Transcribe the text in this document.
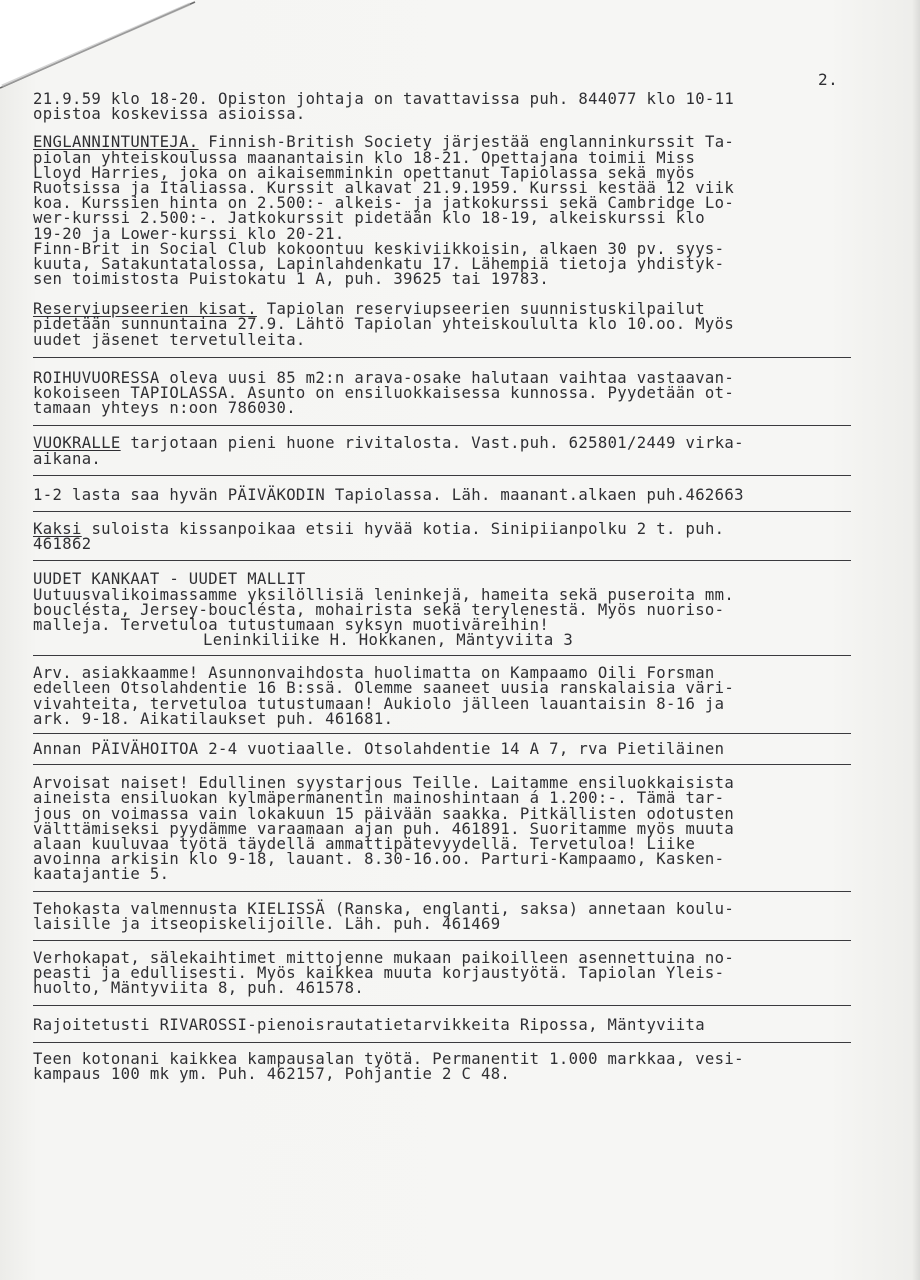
2.
21.9.59 klo 18-20. Opiston johtaja on tavattavissa puh. 844077 klo 10-11
opistoa koskevissa asioissa.
ENGLANNINTUNTEJA. Finnish-British Society järjestää englanninkurssit Ta-
piolan yhteiskoulussa maanantaisin klo 18-21. Opettajana toimii Miss
Lloyd Harries, joka on aikaisemminkin opettanut Tapiolassa sekä myös
Ruotsissa ja Italiassa. Kurssit alkavat 21.9.1959. Kurssi kestää 12 viik
koa. Kurssien hinta on 2.500:- alkeis- ja jatkokurssi sekä Cambridge Lo-
wer-kurssi 2.500:-. Jatkokurssit pidetään klo 18-19, alkeiskurssi klo
19-20 ja Lower-kurssi klo 20-21.
Finn-Brit in Social Club kokoontuu keskiviikkoisin, alkaen 30 pv. syys-
kuuta, Satakuntatalossa, Lapinlahdenkatu 17. Lähempiä tietoja yhdistyk-
sen toimistosta Puistokatu 1 A, puh. 39625 tai 19783.
Reserviupseerien kisat. Tapiolan reserviupseerien suunnistuskilpailut
pidetään sunnuntaina 27.9. Lähtö Tapiolan yhteiskoululta klo 10.oo. Myös
uudet jäsenet tervetulleita.
ROIHUVUORESSA oleva uusi 85 m2:n arava-osake halutaan vaihtaa vastaavan-
kokoiseen TAPIOLASSA. Asunto on ensiluokkaisessa kunnossa. Pyydetään ot-
tamaan yhteys n:oon 786030.
VUOKRALLE tarjotaan pieni huone rivitalosta. Vast.puh. 625801/2449 virka-
aikana.
1-2 lasta saa hyvän PÄIVÄKODIN Tapiolassa. Läh. maanant.alkaen puh.462663
Kaksi suloista kissanpoikaa etsii hyvää kotia. Sinipiianpolku 2 t. puh.
461862
UUDET KANKAAT - UUDET MALLIT
Uutuusvalikoimassamme yksilöllisiä leninkejä, hameita sekä puseroita mm.
bouclésta, Jersey-bouclésta, mohairista sekä terylenestä. Myös nuoriso-
malleja. Tervetuloa tutustumaan syksyn muotiväreihin!
Leninkiliike H. Hokkanen, Mäntyviita 3
Arv. asiakkaamme! Asunnonvaihdosta huolimatta on Kampaamo Oili Forsman
edelleen Otsolahdentie 16 B:ssä. Olemme saaneet uusia ranskalaisia väri-
vivahteita, tervetuloa tutustumaan! Aukiolo jälleen lauantaisin 8-16 ja
ark. 9-18. Aikatilaukset puh. 461681.
Annan PÄIVÄHOITOA 2-4 vuotiaalle. Otsolahdentie 14 A 7, rva Pietiläinen
Arvoisat naiset! Edullinen syystarjous Teille. Laitamme ensiluokkaisista
aineista ensiluokan kylmäpermanentin mainoshintaan á 1.200:-. Tämä tar-
jous on voimassa vain lokakuun 15 päivään saakka. Pitkällisten odotusten
välttämiseksi pyydämme varaamaan ajan puh. 461891. Suoritamme myös muuta
alaan kuuluvaa työtä täydellä ammattipätevyydellä. Tervetuloa! Liike
avoinna arkisin klo 9-18, lauant. 8.30-16.oo. Parturi-Kampaamo, Kasken-
kaatajantie 5.
Tehokasta valmennusta KIELISSÄ (Ranska, englanti, saksa) annetaan koulu-
laisille ja itseopiskelijoille. Läh. puh. 461469
Verhokapat, sälekaihtimet mittojenne mukaan paikoilleen asennettuina no-
peasti ja edullisesti. Myös kaikkea muuta korjaustyötä. Tapiolan Yleis-
huolto, Mäntyviita 8, puh. 461578.
Rajoitetusti RIVAROSSI-pienoisrautatietarvikkeita Ripossa, Mäntyviita
Teen kotonani kaikkea kampausalan työtä. Permanentit 1.000 markkaa, vesi-
kampaus 100 mk ym. Puh. 462157, Pohjantie 2 C 48.
